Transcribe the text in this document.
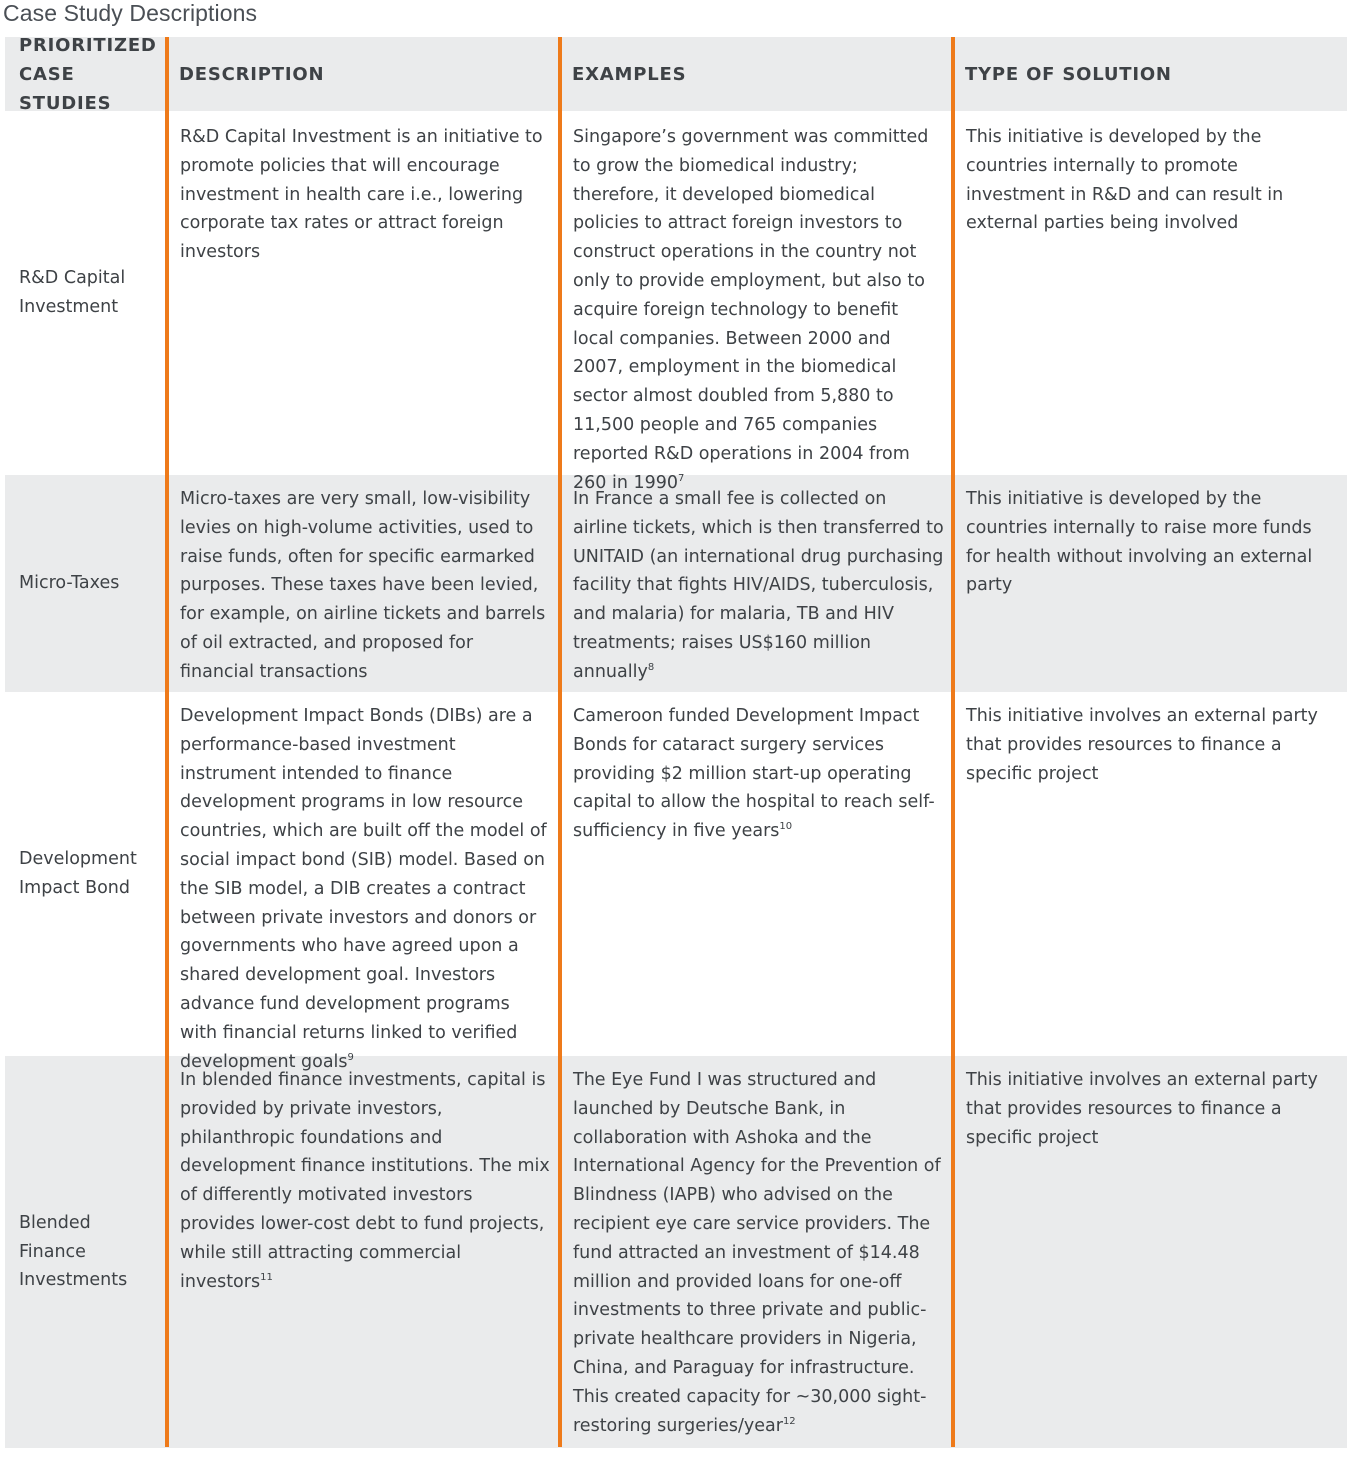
Case Study Descriptions
PRIORITIZED CASE STUDIES
DESCRIPTION	EXAMPLES	TYPE OF SOLUTION
R&D Capital Investment
R&D Capital Investment is an initiative to promote policies that will encourage investment in health care i.e., lowering corporate tax rates or attract foreign investors
Singapore’s government was committed to grow the biomedical industry; therefore, it developed biomedical policies to attract foreign investors to construct operations in the country not only to provide employment, but also to acquire foreign technology to benefit local companies. Between 2000 and 2007, employment in the biomedical sector almost doubled from 5,880 to 11,500 people and 765 companies reported R&D operations in 2004 from 260 in 1990$^7$
This initiative is developed by the countries internally to promote investment in R&D and can result in external parties being involved
Micro-Taxes
Micro-taxes are very small, low-visibility levies on high-volume activities, used to raise funds, often for specific earmarked purposes. These taxes have been levied, for example, on airline tickets and barrels of oil extracted, and proposed for financial transactions
In France a small fee is collected on airline tickets, which is then transferred to UNITAID (an international drug purchasing facility that fights HIV/AIDS, tuberculosis, and malaria) for malaria, TB and HIV treatments; raises US$160 million annually$^8$
This initiative is developed by the countries internally to raise more funds for health without involving an external party
Development Impact Bond
Development Impact Bonds (DIBs) are a performance-based investment instrument intended to finance development programs in low resource countries, which are built off the model of social impact bond (SIB) model. Based on the SIB model, a DIB creates a contract between private investors and donors or governments who have agreed upon a shared development goal. Investors advance fund development programs with financial returns linked to verified development goals$^9$
Cameroon funded Development Impact Bonds for cataract surgery services providing $2 million start-up operating capital to allow the hospital to reach self-sufficiency in five years$^{10}$
This initiative involves an external party that provides resources to finance a specific project
Blended Finance Investments
In blended finance investments, capital is provided by private investors, philanthropic foundations and development finance institutions. The mix of differently motivated investors provides lower-cost debt to fund projects, while still attracting commercial investors$^{11}$
The Eye Fund I was structured and launched by Deutsche Bank, in collaboration with Ashoka and the International Agency for the Prevention of Blindness (IAPB) who advised on the recipient eye care service providers. The fund attracted an investment of $14.48 million and provided loans for one-off investments to three private and public-private healthcare providers in Nigeria, China, and Paraguay for infrastructure. This created capacity for ~30,000 sight-restoring surgeries/year$^{12}$
This initiative involves an external party that provides resources to finance a specific project
